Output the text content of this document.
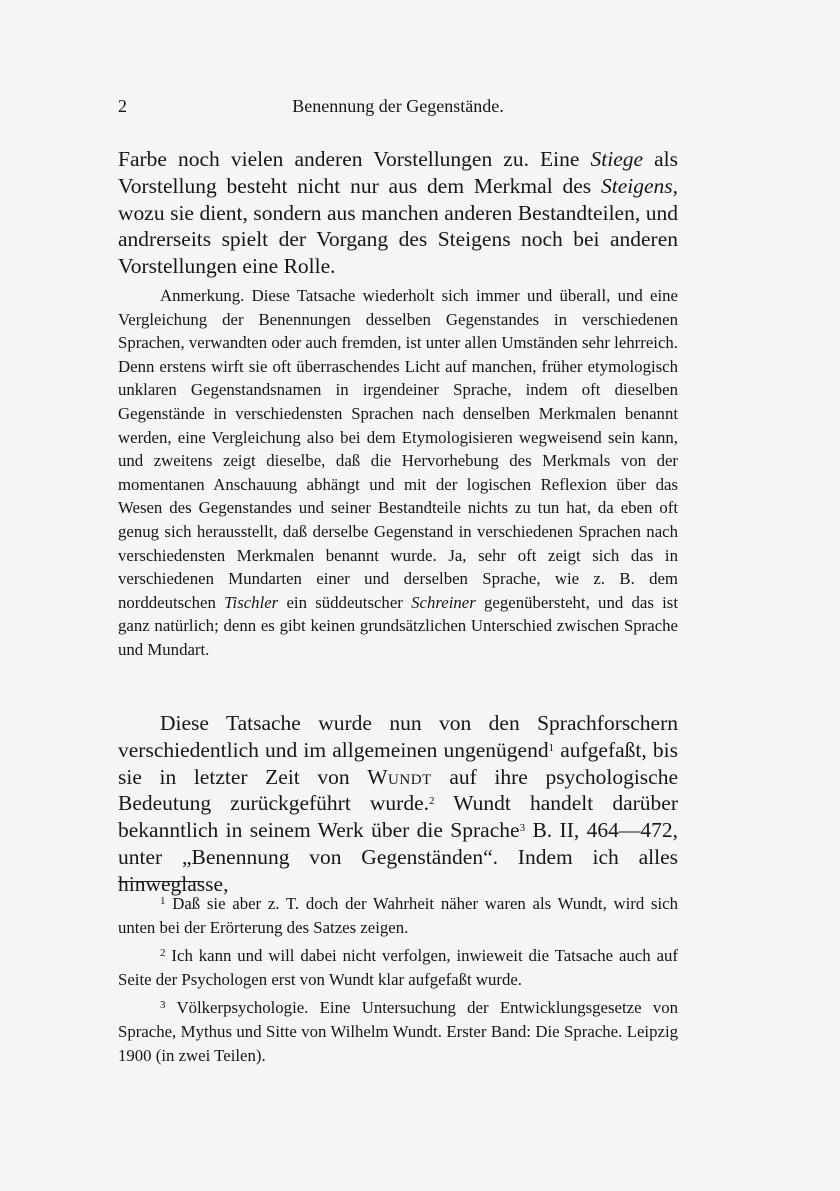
2	Benennung der Gegenstände.

Farbe noch vielen anderen Vorstellungen zu. Eine Stiege als Vorstellung besteht nicht nur aus dem Merkmal des Steigens, wozu sie dient, sondern aus manchen anderen Bestandteilen, und andrerseits spielt der Vorgang des Steigens noch bei anderen Vorstellungen eine Rolle.

Anmerkung. Diese Tatsache wiederholt sich immer und überall, und eine Vergleichung der Benennungen desselben Gegenstandes in verschiedenen Sprachen, verwandten oder auch fremden, ist unter allen Umständen sehr lehrreich. Denn erstens wirft sie oft überraschendes Licht auf manchen, früher etymologisch unklaren Gegenstandsnamen in irgendeiner Sprache, indem oft dieselben Gegenstände in verschiedensten Sprachen nach denselben Merkmalen benannt werden, eine Vergleichung also bei dem Etymologisieren wegweisend sein kann, und zweitens zeigt dieselbe, daß die Hervorhebung des Merkmals von der momentanen Anschauung abhängt und mit der logischen Reflexion über das Wesen des Gegenstandes und seiner Bestandteile nichts zu tun hat, da eben oft genug sich herausstellt, daß derselbe Gegenstand in verschiedenen Sprachen nach verschiedensten Merkmalen benannt wurde. Ja, sehr oft zeigt sich das in verschiedenen Mundarten einer und derselben Sprache, wie z. B. dem norddeutschen Tischler ein süddeutscher Schreiner gegenübersteht, und das ist ganz natürlich; denn es gibt keinen grundsätzlichen Unterschied zwischen Sprache und Mundart.

Diese Tatsache wurde nun von den Sprachforschern verschiedentlich und im allgemeinen ungenügend$^1$ aufgefaßt, bis sie in letzter Zeit von Wundt auf ihre psychologische Bedeutung zurückgeführt wurde.$^2$ Wundt handelt darüber bekanntlich in seinem Werk über die Sprache$^3$ B. II, 464—472, unter „Benennung von Gegenständen“. Indem ich alles hinweglasse,

$^1$ Daß sie aber z. T. doch der Wahrheit näher waren als Wundt, wird sich unten bei der Erörterung des Satzes zeigen.

$^2$ Ich kann und will dabei nicht verfolgen, inwieweit die Tatsache auch auf Seite der Psychologen erst von Wundt klar aufgefaßt wurde.

$^3$ Völkerpsychologie. Eine Untersuchung der Entwicklungsgesetze von Sprache, Mythus und Sitte von Wilhelm Wundt. Erster Band: Die Sprache. Leipzig 1900 (in zwei Teilen).
